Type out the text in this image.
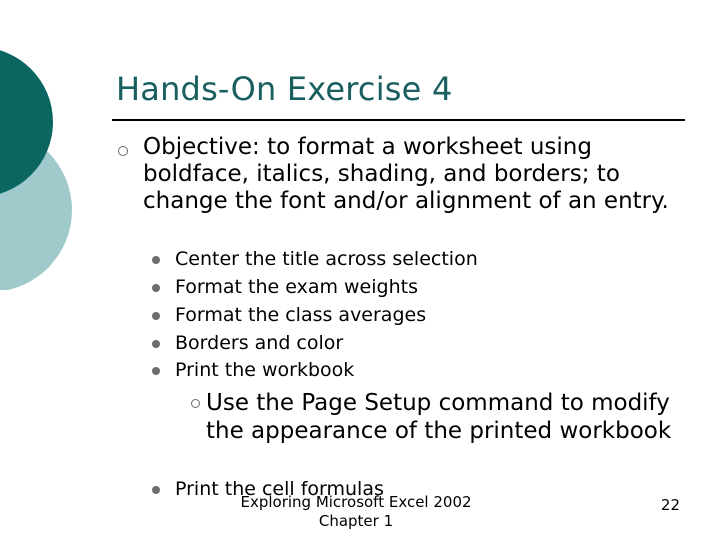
Hands-On Exercise 4
Objective: to format a worksheet using boldface, italics, shading, and borders; to change the font and/or alignment of an entry.
Center the title across selection
Format the exam weights
Format the class averages
Borders and color
Print the workbook
Use the Page Setup command to modify the appearance of the printed workbook
Print the cell formulas
Exploring Microsoft Excel 2002
Chapter 1
22
